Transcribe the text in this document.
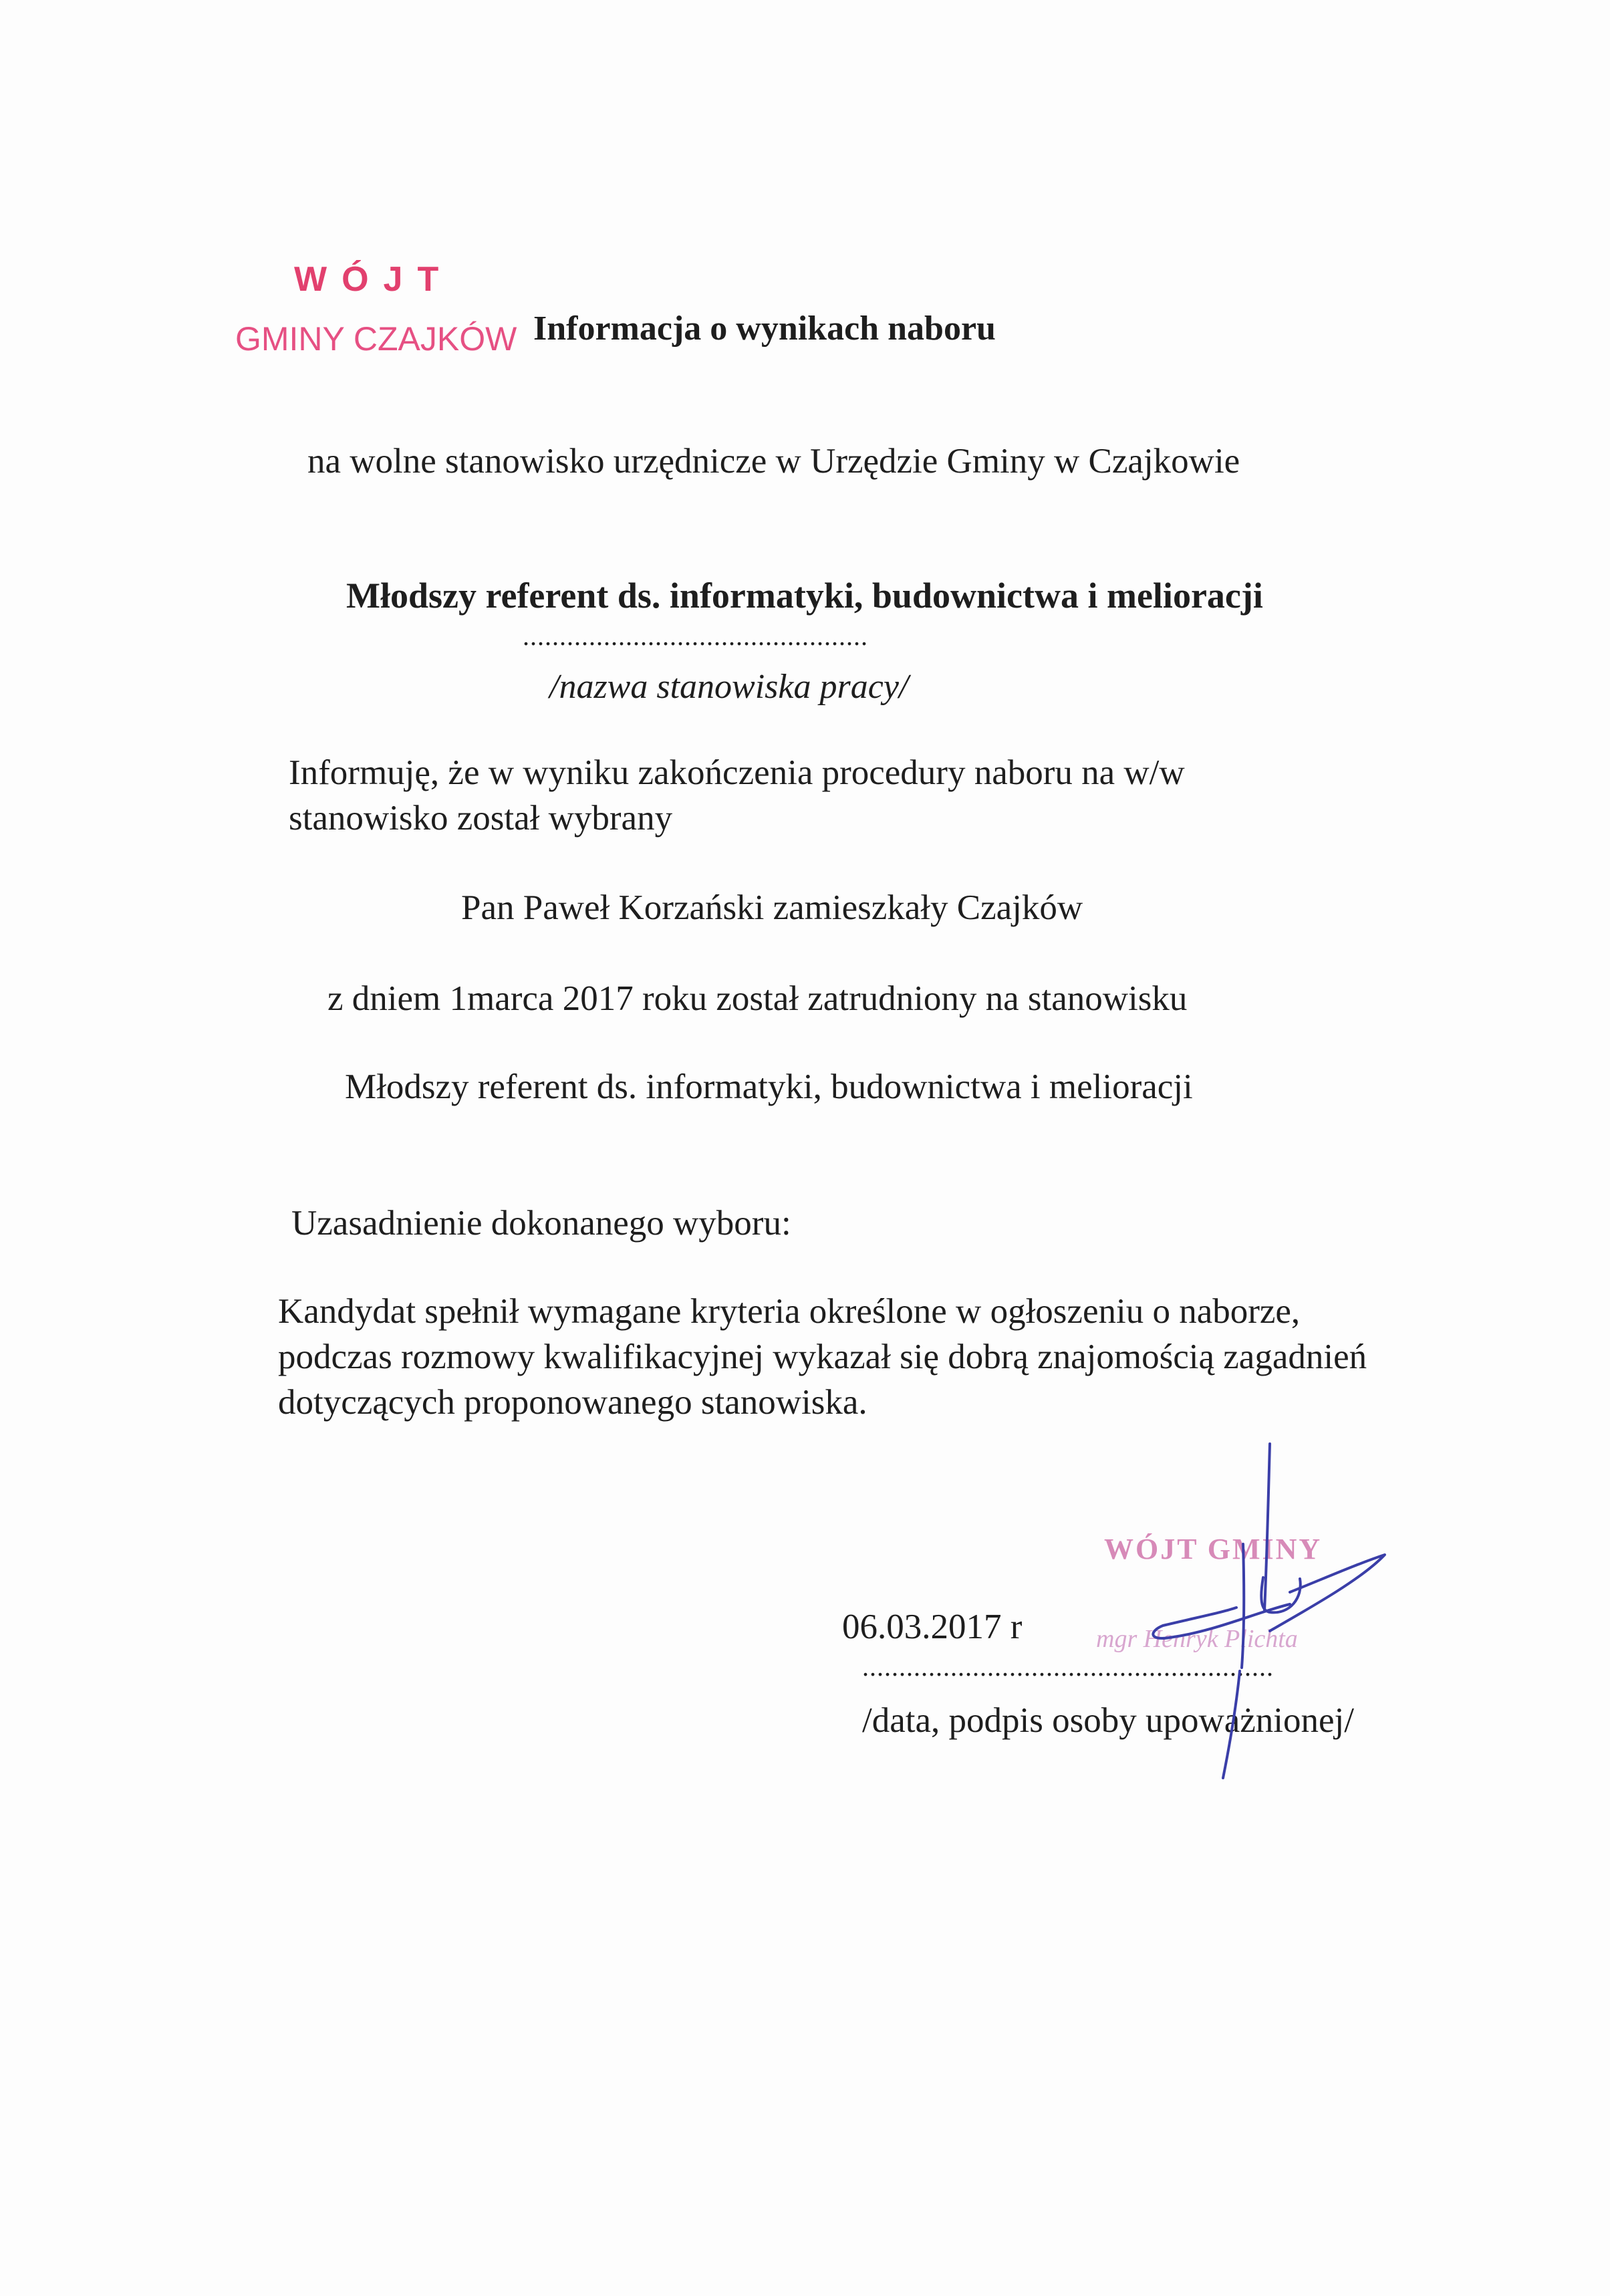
WÓJT
GMINY CZAJKÓW Informacja o wynikach naboru
na wolne stanowisko urzędnicze w Urzędzie Gminy w Czajkowie
Młodszy referent ds. informatyki, budownictwa i melioracji
...............................................
/nazwa stanowiska pracy/
Informuję, że w wyniku zakończenia procedury naboru na w/w
stanowisko został wybrany
Pan Paweł Korzański zamieszkały Czajków
z dniem 1marca 2017 roku został zatrudniony na stanowisku
Młodszy referent ds. informatyki, budownictwa i melioracji
Uzasadnienie dokonanego wyboru:
Kandydat spełnił wymagane kryteria określone w ogłoszeniu o naborze,
podczas rozmowy kwalifikacyjnej wykazał się dobrą znajomością zagadnień
dotyczących proponowanego stanowiska.
WÓJT GMINY
mgr Henryk Plichta
06.03.2017 r
........................................................
/data, podpis osoby upoważnionej/
